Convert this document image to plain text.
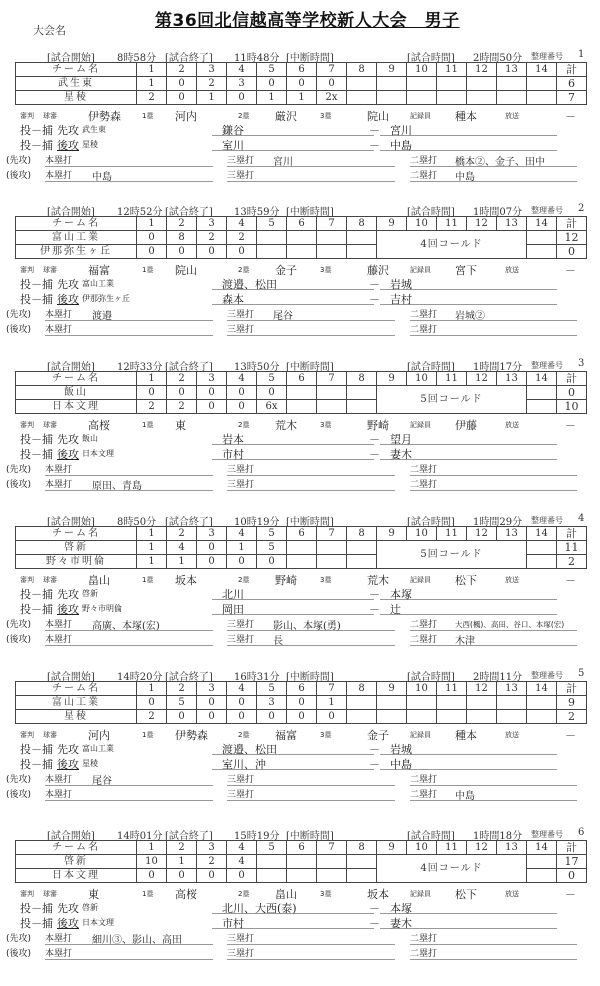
大会名	第36回北信越高等学校新人大会　男子
[試合開始] 8時58分 [試合終了] 11時48分 [中断時間]	[試合時間] 2時間50分 整理番号 1
チーム名	1	2	3	4	5	6	7	8	9	10	11	12	13	14	計
武生東	1	0	2	3	0	0	0								6
星稜	2	0	1	0	1	1	2x								7
審判 球審	伊勢森	1塁 河内	2塁 厳沢	3塁	院山	記録員 種本	放送	－
投－捕 先攻 武生東	鎌谷	－ 宮川
投－捕 後攻 星稜	室川	－ 中島
(先攻) 本塁打	三塁打 宮川	二塁打 橋本②、金子、田中
(後攻) 本塁打 中島	三塁打	二塁打 中島
[試合開始] 12時52分 [試合終了] 13時59分 [中断時間]	[試合時間] 1時間07分 整理番号 2
チーム名	1	2	3	4	5	6	7	8	9	10	11	12	13	14	計
富山工業	0	8	2	2					4回コールド						12
伊那弥生ヶ丘	0	0	0	0											0
審判 球審	福富	1塁 院山	2塁 金子	3塁	藤沢	記録員 宮下	放送	－
投－捕 先攻 富山工業	渡邉、松田	－ 岩城
投－捕 後攻 伊那弥生ヶ丘	森本	－ 吉村
(先攻) 本塁打 渡邉	三塁打 尾谷	二塁打 岩城②
(後攻) 本塁打	三塁打	二塁打
[試合開始] 12時33分 [試合終了] 13時50分 [中断時間]	[試合時間] 1時間17分 整理番号 3
チーム名	1	2	3	4	5	6	7	8	9	10	11	12	13	14	計
飯山	0	0	0	0	0				5回コールド						0
日本文理	2	2	0	0	6x										10
審判 球審	高桜	1塁 東	2塁 荒木	3塁	野崎	記録員 伊藤	放送	－
投－捕 先攻 飯山	岩本	－ 望月
投－捕 後攻 日本文理	市村	－ 妻木
(先攻) 本塁打	三塁打	二塁打
(後攻) 本塁打 原田、青島	三塁打	二塁打
[試合開始] 8時50分 [試合終了] 10時19分 [中断時間]	[試合時間] 1時間29分 整理番号 4
チーム名	1	2	3	4	5	6	7	8	9	10	11	12	13	14	計
啓新	1	4	0	1	5				5回コールド						11
野々市明倫	1	1	0	0	0										2
審判 球審	畠山	1塁 坂本	2塁 野崎	3塁	荒木	記録員 松下	放送	－
投－捕 先攻 啓新	北川	－ 本塚
投－捕 後攻 野々市明倫	岡田	－ 辻
(先攻) 本塁打 高廣、本塚(宏)	三塁打 影山、本塚(勇)	二塁打 大西(楓)、高田、谷口、本塚(宏)
(後攻) 本塁打	三塁打 長	二塁打 木津
[試合開始] 14時20分 [試合終了] 16時31分 [中断時間]	[試合時間] 2時間11分 整理番号 5
チーム名	1	2	3	4	5	6	7	8	9	10	11	12	13	14	計
富山工業	0	5	0	0	3	0	1								9
星稜	2	0	0	0	0	0	0								2
審判 球審	河内	1塁 伊勢森	2塁 福富	3塁	金子	記録員 種本	放送	－
投－捕 先攻 富山工業	渡邉、松田	－ 岩城
投－捕 後攻 星稜	室川、沖	－ 中島
(先攻) 本塁打 尾谷	三塁打	二塁打
(後攻) 本塁打	三塁打	二塁打 中島
[試合開始] 14時01分 [試合終了] 15時19分 [中断時間]	[試合時間] 1時間18分 整理番号 6
チーム名	1	2	3	4	5	6	7	8	9	10	11	12	13	14	計
啓新	10	1	2	4					4回コールド						17
日本文理	0	0	0	0											0
審判 球審	東	1塁 高桜	2塁 畠山	3塁	坂本	記録員 松下	放送	－
投－捕 先攻 啓新	北川、大西(泰)	－ 本塚
投－捕 後攻 日本文理	市村	－ 妻木
(先攻) 本塁打 細川③、影山、高田	三塁打	二塁打
(後攻) 本塁打	三塁打	二塁打
